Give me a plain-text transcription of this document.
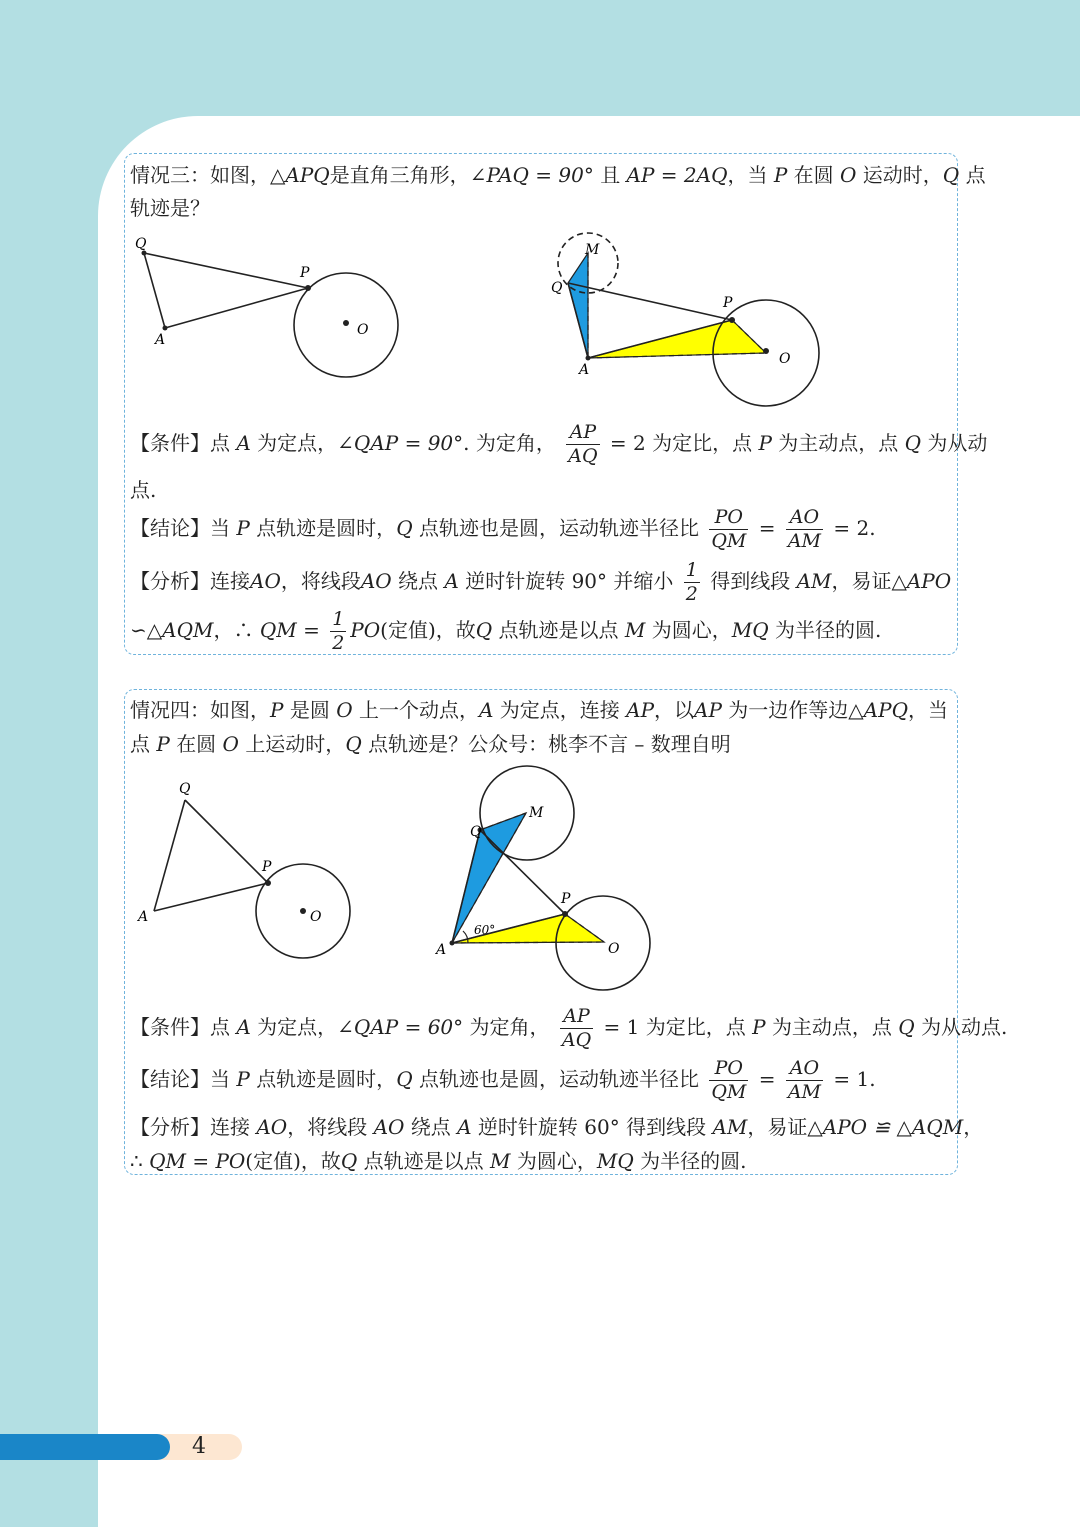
情况三：如图，△APQ是直角三角形，∠PAQ = 90° 且 AP = 2AQ，当 P 在圆 O 运动时，Q 点
轨迹是？
Q
A
P
O
M
Q
A
P
O
【条件】点 A 为定点，∠QAP = 90°. 为定角， $\frac{AP}{AQ} = 2$ 为定比，点 P 为主动点，点 Q 为从动
点.
【结论】当 P 点轨迹是圆时，Q 点轨迹也是圆，运动轨迹半径比 $\frac{PO}{QM} = \frac{AO}{AM} = 2$.
【分析】连接AO，将线段AO 绕点 A 逆时针旋转 90° 并缩小 $\frac{1}{2}$ 得到线段 AM，易证△APO
∽△AQM，∴ QM = $\frac{1}{2} PO$(定值)，故Q 点轨迹是以点 M 为圆心，MQ 为半径的圆.
情况四：如图，P 是圆 O 上一个动点，A 为定点，连接 AP，以AP 为一边作等边△APQ，当
点 P 在圆 O 上运动时，Q 点轨迹是？公众号：桃李不言 – 数理自明
Q
A
P
O
M
Q
A
P
O
60°
【条件】点 A 为定点，∠QAP = 60° 为定角， $\frac{AP}{AQ} = 1$ 为定比，点 P 为主动点，点 Q 为从动点.
【结论】当 P 点轨迹是圆时，Q 点轨迹也是圆，运动轨迹半径比 $\frac{PO}{QM} = \frac{AO}{AM} = 1$.
【分析】连接 AO，将线段 AO 绕点 A 逆时针旋转 60° 得到线段 AM，易证△APO ≌ △AQM，
∴ QM = PO(定值)，故Q 点轨迹是以点 M 为圆心，MQ 为半径的圆.
4
